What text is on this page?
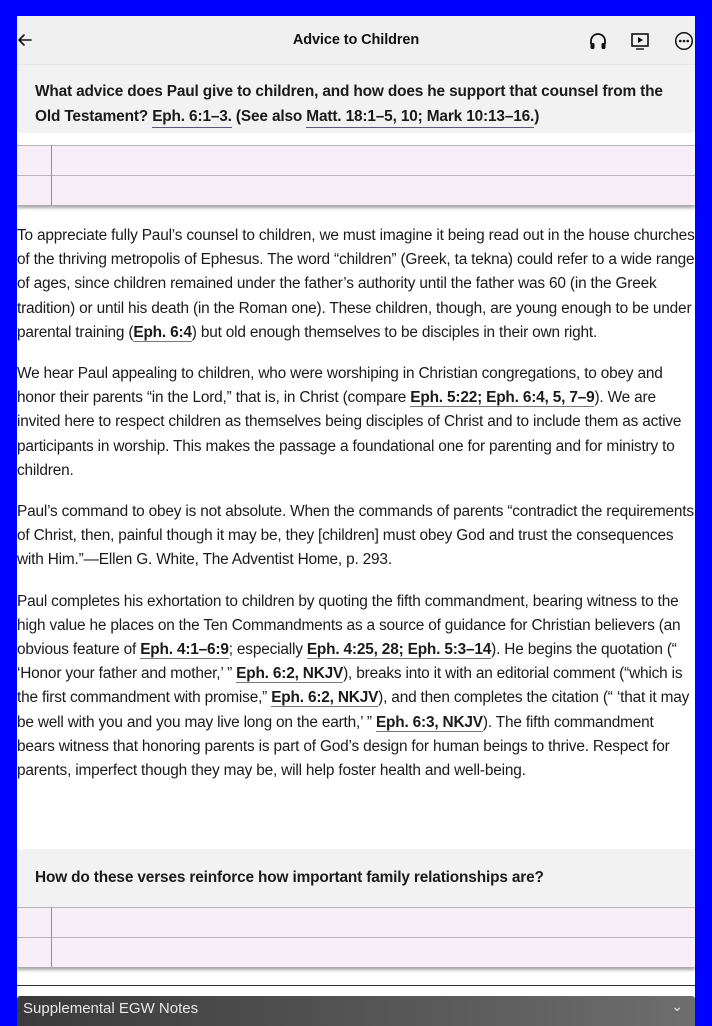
Advice to Children

What advice does Paul give to children, and how does he support that counsel from the Old Testament? Eph. 6:1–3. (See also Matt. 18:1–5, 10; Mark 10:13–16.)

To appreciate fully Paul’s counsel to children, we must imagine it being read out in the house churches of the thriving metropolis of Ephesus. The word “children” (Greek, ta tekna) could refer to a wide range of ages, since children remained under the father’s authority until the father was 60 (in the Greek tradition) or until his death (in the Roman one). These children, though, are young enough to be under parental training (Eph. 6:4) but old enough themselves to be disciples in their own right.

We hear Paul appealing to children, who were worshiping in Christian congregations, to obey and honor their parents “in the Lord,” that is, in Christ (compare Eph. 5:22; Eph. 6:4, 5, 7–9). We are invited here to respect children as themselves being disciples of Christ and to include them as active participants in worship. This makes the passage a foundational one for parenting and for ministry to children.

Paul’s command to obey is not absolute. When the commands of parents “contradict the requirements of Christ, then, painful though it may be, they [children] must obey God and trust the consequences with Him.”—Ellen G. White, The Adventist Home, p. 293.

Paul completes his exhortation to children by quoting the fifth commandment, bearing witness to the high value he places on the Ten Commandments as a source of guidance for Christian believers (an obvious feature of Eph. 4:1–6:9; especially Eph. 4:25, 28; Eph. 5:3–14). He begins the quotation (“ ‘Honor your father and mother,’ ” Eph. 6:2, NKJV), breaks into it with an editorial comment (“which is the first commandment with promise,” Eph. 6:2, NKJV), and then completes the citation (“ ‘that it may be well with you and you may live long on the earth,’ ” Eph. 6:3, NKJV). The fifth commandment bears witness that honoring parents is part of God’s design for human beings to thrive. Respect for parents, imperfect though they may be, will help foster health and well-being.

How do these verses reinforce how important family relationships are?

Supplemental EGW Notes	⌄
